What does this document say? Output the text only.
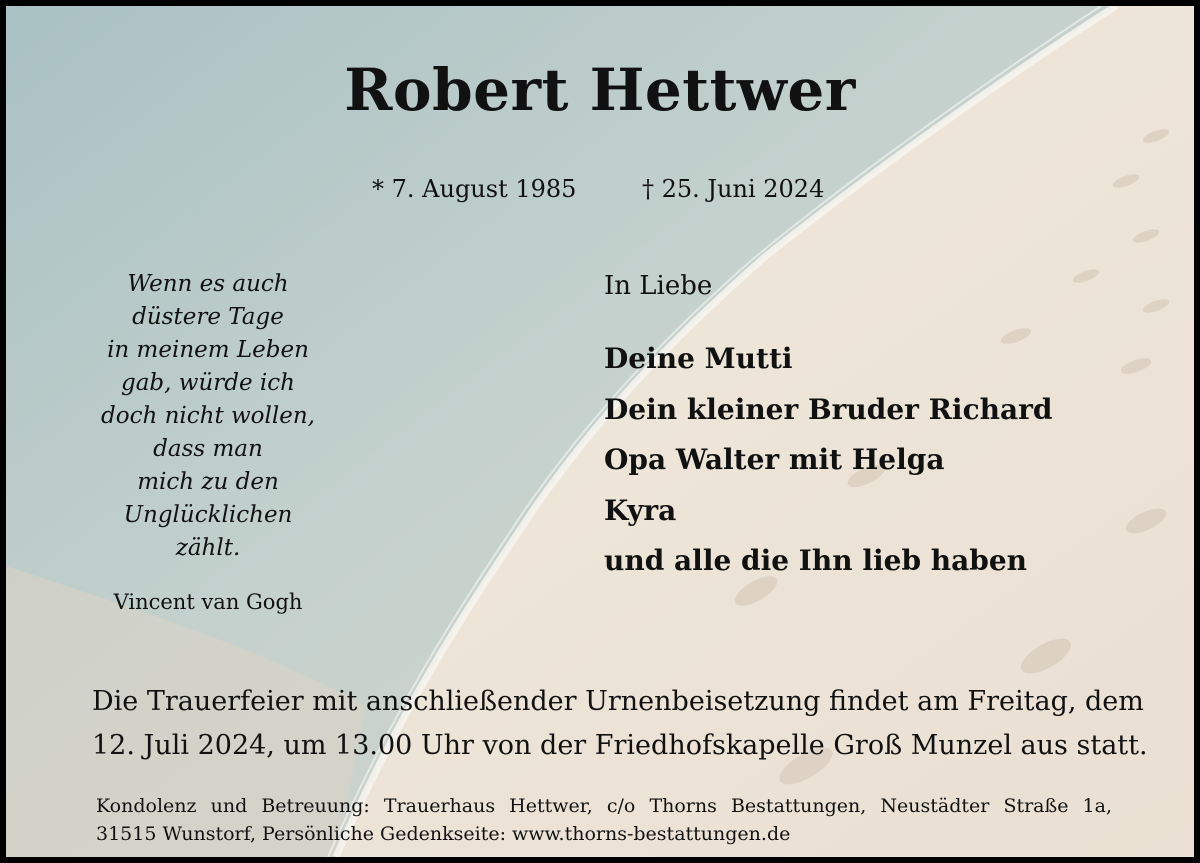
Robert Hettwer
* 7. August 1985	† 25. Juni 2024
Wenn es auch
düstere Tage
in meinem Leben
gab, würde ich
doch nicht wollen,
dass man
mich zu den
Unglücklichen
zählt.
Vincent van Gogh
In Liebe
Deine Mutti
Dein kleiner Bruder Richard
Opa Walter mit Helga
Kyra
und alle die Ihn lieb haben
Die Trauerfeier mit anschließender Urnenbeisetzung findet am Freitag, dem
12. Juli 2024, um 13.00 Uhr von der Friedhofskapelle Groß Munzel aus statt.
Kondolenz und Betreuung: Trauerhaus Hettwer, c/o Thorns Bestattungen, Neustädter Straße 1a,
31515 Wunstorf, Persönliche Gedenkseite: www.thorns-bestattungen.de
